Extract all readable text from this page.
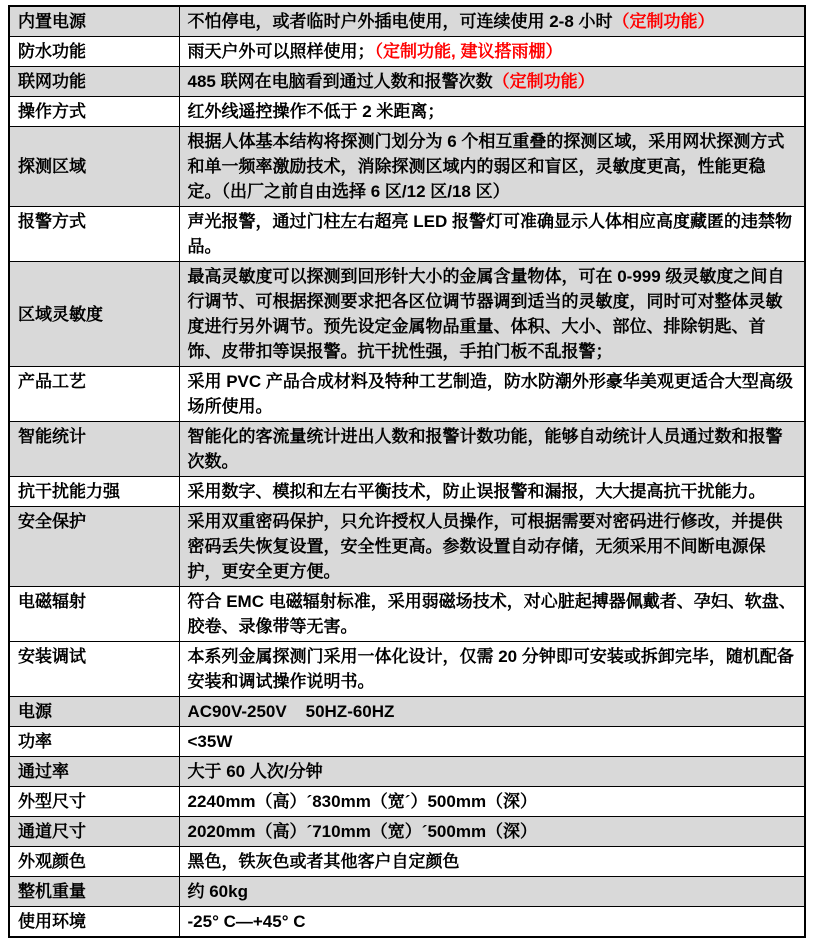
内置电源	不怕停电，或者临时户外插电使用，可连续使用 2-8 小时（定制功能）
防水功能	雨天户外可以照样使用；（定制功能, 建议搭雨棚）
联网功能	485 联网在电脑看到通过人数和报警次数（定制功能）
操作方式	红外线遥控操作不低于 2 米距离；
探测区域	根据人体基本结构将探测门划分为 6 个相互重叠的探测区域，采用网状探测方式和单一频率激励技术，消除探测区域内的弱区和盲区，灵敏度更高，性能更稳定。（出厂之前自由选择 6 区/12 区/18 区）
报警方式	声光报警，通过门柱左右超亮 LED 报警灯可准确显示人体相应高度藏匿的违禁物品。
区域灵敏度	最高灵敏度可以探测到回形针大小的金属含量物体，可在 0-999 级灵敏度之间自行调节、可根据探测要求把各区位调节器调到适当的灵敏度，同时可对整体灵敏度进行另外调节。预先设定金属物品重量、体积、大小、部位、排除钥匙、首饰、皮带扣等误报警。抗干扰性强，手拍门板不乱报警；
产品工艺	采用 PVC 产品合成材料及特种工艺制造，防水防潮外形豪华美观更适合大型高级场所使用。
智能统计	智能化的客流量统计进出人数和报警计数功能，能够自动统计人员通过数和报警次数。
抗干扰能力强	采用数字、模拟和左右平衡技术，防止误报警和漏报，大大提高抗干扰能力。
安全保护	采用双重密码保护，只允许授权人员操作，可根据需要对密码进行修改，并提供密码丢失恢复设置，安全性更高。参数设置自动存储，无须采用不间断电源保护，更安全更方便。
电磁辐射	符合 EMC 电磁辐射标准，采用弱磁场技术，对心脏起搏器佩戴者、孕妇、软盘、胶卷、录像带等无害。
安装调试	本系列金属探测门采用一体化设计，仅需 20 分钟即可安装或拆卸完毕，随机配备安装和调试操作说明书。
电源	AC90V-250V    50HZ-60HZ
功率	<35W
通过率	大于 60 人次/分钟
外型尺寸	2240mm（高）´830mm（宽´）500mm（深）
通道尺寸	2020mm（高）´710mm（宽）´500mm（深）
外观颜色	黑色，铁灰色或者其他客户自定颜色
整机重量	约 60kg
使用环境	-25° C—+45° C
